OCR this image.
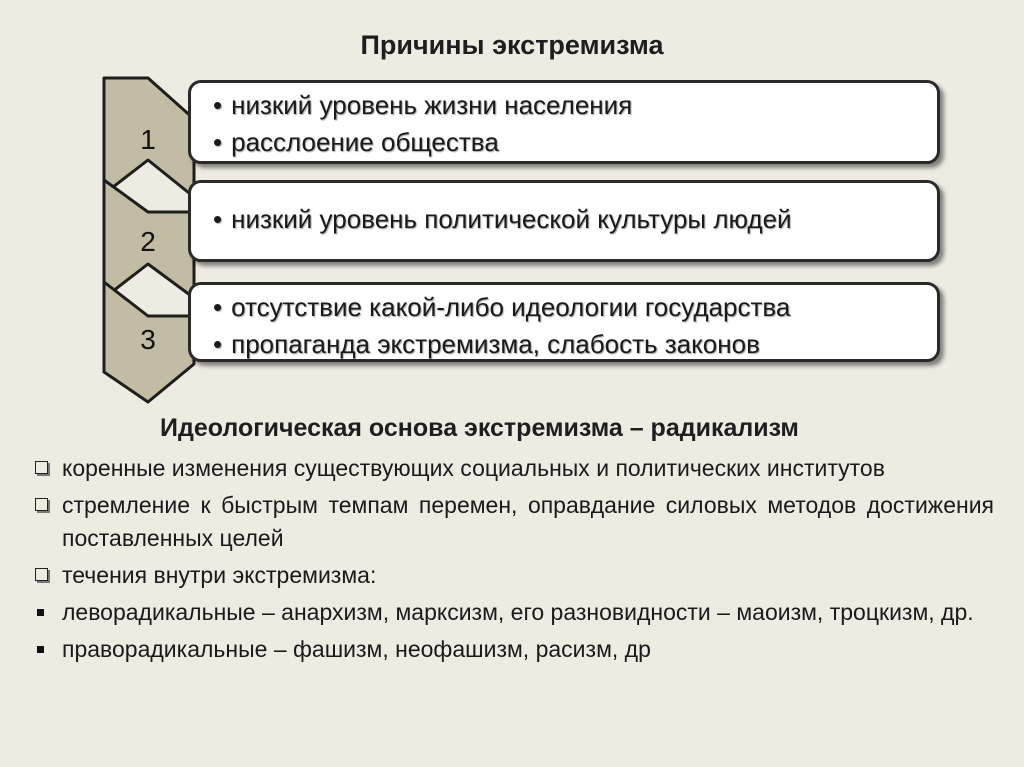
Причины экстремизма
1
• низкий уровень жизни населения
• расслоение общества
2
• низкий уровень политической культуры людей
3
• отсутствие какой-либо идеологии государства
• пропаганда экстремизма, слабость законов
Идеологическая основа экстремизма – радикализм
коренные изменения существующих социальных и политических институтов
стремление к быстрым темпам перемен, оправдание силовых методов достижения поставленных целей
течения внутри экстремизма:
леворадикальные – анархизм, марксизм, его разновидности – маоизм, троцкизм, др.
праворадикальные – фашизм, неофашизм, расизм, др
